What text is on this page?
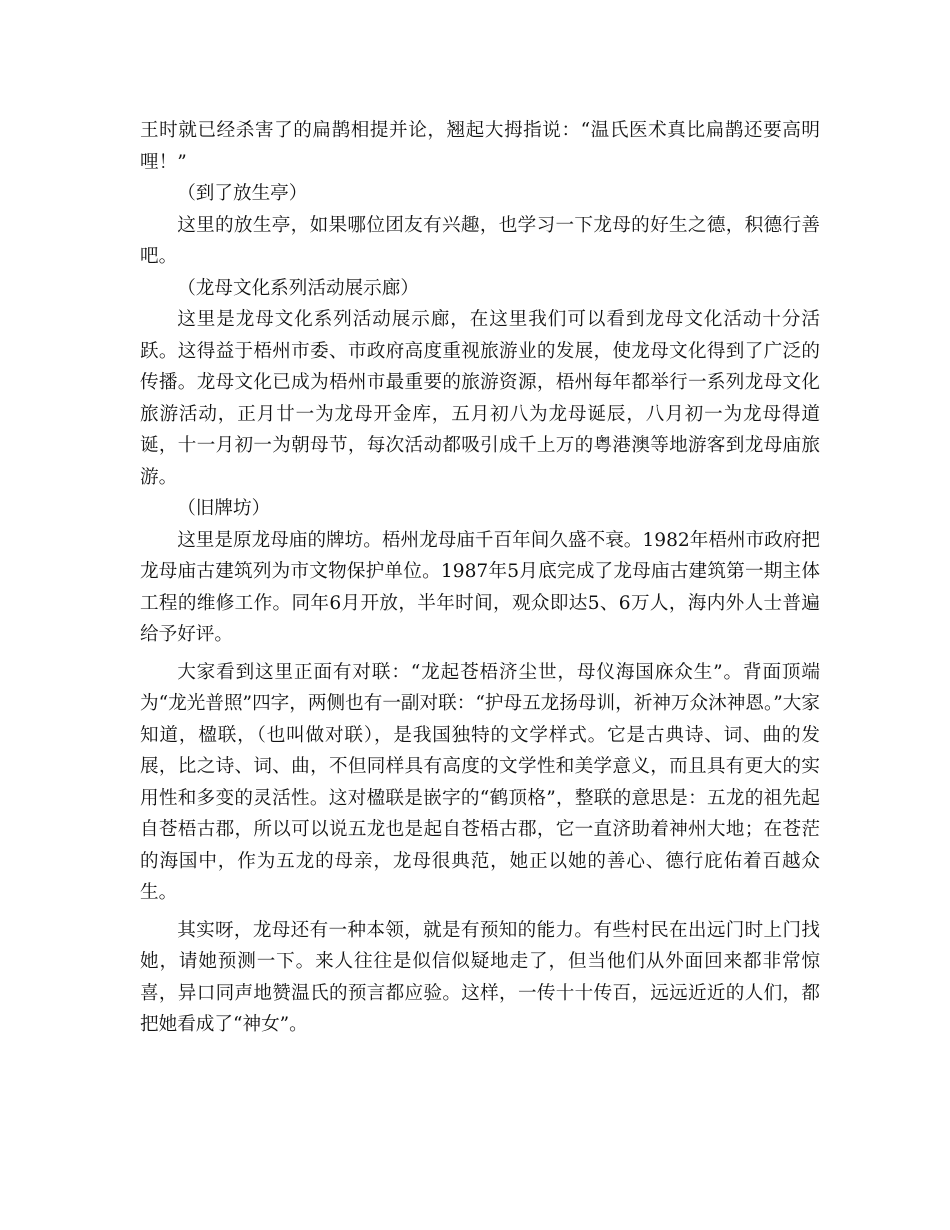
王时就已经杀害了的扁鹊相提并论，翘起大拇指说：“温氏医术真比扁鹊还要高明哩！”

（到了放生亭）

这里的放生亭，如果哪位团友有兴趣，也学习一下龙母的好生之德，积德行善吧。

（龙母文化系列活动展示廊）

这里是龙母文化系列活动展示廊，在这里我们可以看到龙母文化活动十分活跃。这得益于梧州市委、市政府高度重视旅游业的发展，使龙母文化得到了广泛的传播。龙母文化已成为梧州市最重要的旅游资源，梧州每年都举行一系列龙母文化旅游活动，正月廿一为龙母开金库，五月初八为龙母诞辰，八月初一为龙母得道诞，十一月初一为朝母节，每次活动都吸引成千上万的粤港澳等地游客到龙母庙旅游。

（旧牌坊）

这里是原龙母庙的牌坊。梧州龙母庙千百年间久盛不衰。1982年梧州市政府把龙母庙古建筑列为市文物保护单位。1987年5月底完成了龙母庙古建筑第一期主体工程的维修工作。同年6月开放，半年时间，观众即达5、6万人，海内外人士普遍给予好评。

大家看到这里正面有对联：“龙起苍梧济尘世，母仪海国庥众生”。背面顶端为“龙光普照”四字，两侧也有一副对联：“护母五龙扬母训，祈神万众沐神恩。”大家知道，楹联，（也叫做对联），是我国独特的文学样式。它是古典诗、词、曲的发展，比之诗、词、曲，不但同样具有高度的文学性和美学意义，而且具有更大的实用性和多变的灵活性。这对楹联是嵌字的“鹤顶格”，整联的意思是：五龙的祖先起自苍梧古郡，所以可以说五龙也是起自苍梧古郡，它一直济助着神州大地；在苍茫的海国中，作为五龙的母亲，龙母很典范，她正以她的善心、德行庇佑着百越众生。

其实呀，龙母还有一种本领，就是有预知的能力。有些村民在出远门时上门找她，请她预测一下。来人往往是似信似疑地走了，但当他们从外面回来都非常惊喜，异口同声地赞温氏的预言都应验。这样，一传十十传百，远远近近的人们，都把她看成了“神女”。
